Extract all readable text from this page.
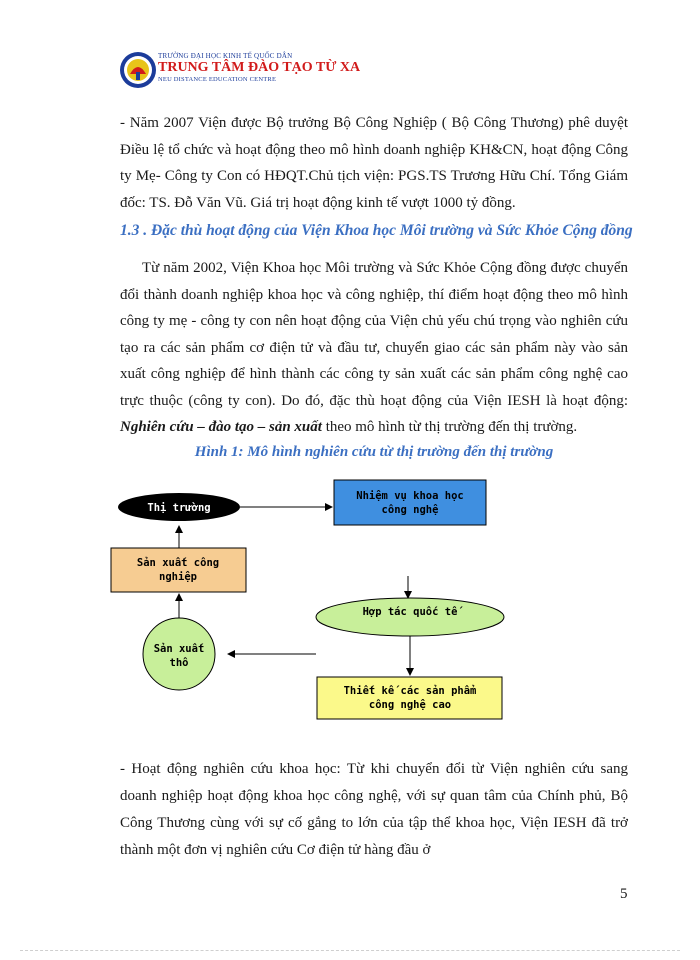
TRƯỜNG ĐẠI HỌC KINH TẾ QUỐC DÂN
TRUNG TÂM ĐÀO TẠO TỪ XA
NEU DISTANCE EDUCATION CENTRE

- Năm 2007 Viện được Bộ trưởng Bộ Công Nghiệp ( Bộ Công Thương) phê duyệt Điều lệ tổ chức và hoạt động theo mô hình doanh nghiệp KH&CN, hoạt động Công ty Mẹ- Công ty Con có HĐQT.Chủ tịch viện: PGS.TS Trương Hữu Chí. Tổng Giám đốc: TS. Đỗ Văn Vũ. Giá trị hoạt động kinh tế vượt 1000 tỷ đồng.

1.3 . Đặc thù hoạt động của Viện Khoa học Môi trường và Sức Khỏe Cộng đồng

Từ năm 2002, Viện Khoa học Môi trường và Sức Khỏe Cộng đồng được chuyển đổi thành doanh nghiệp khoa học và công nghiệp, thí điểm hoạt động theo mô hình công ty mẹ - công ty con nên hoạt động của Viện chủ yếu chú trọng vào nghiên cứu tạo ra các sản phẩm cơ điện tử và đầu tư, chuyển giao các sản phẩm này vào sản xuất công nghiệp để hình thành các công ty sản xuất các sản phẩm công nghệ cao trực thuộc (công ty con). Do đó, đặc thù hoạt động của Viện IESH là hoạt động: Nghiên cứu – đào tạo – sản xuất theo mô hình từ thị trường đến thị trường.

Hình 1: Mô hình nghiên cứu từ thị trường đến thị trường

Thị trường
Nhiệm vụ khoa học
công nghệ
Sản xuất công
nghiệp
Hợp tác quốc tế
Sản xuất
thô
Thiết kế các sản phẩm
công nghệ cao

- Hoạt động nghiên cứu khoa học: Từ khi chuyển đổi từ Viện nghiên cứu sang doanh nghiệp hoạt động khoa học công nghệ, với sự quan tâm của Chính phủ, Bộ Công Thương cùng với sự cố gắng to lớn của tập thể khoa học, Viện IESH đã trở thành một đơn vị nghiên cứu Cơ điện tử hàng đầu ở

5
